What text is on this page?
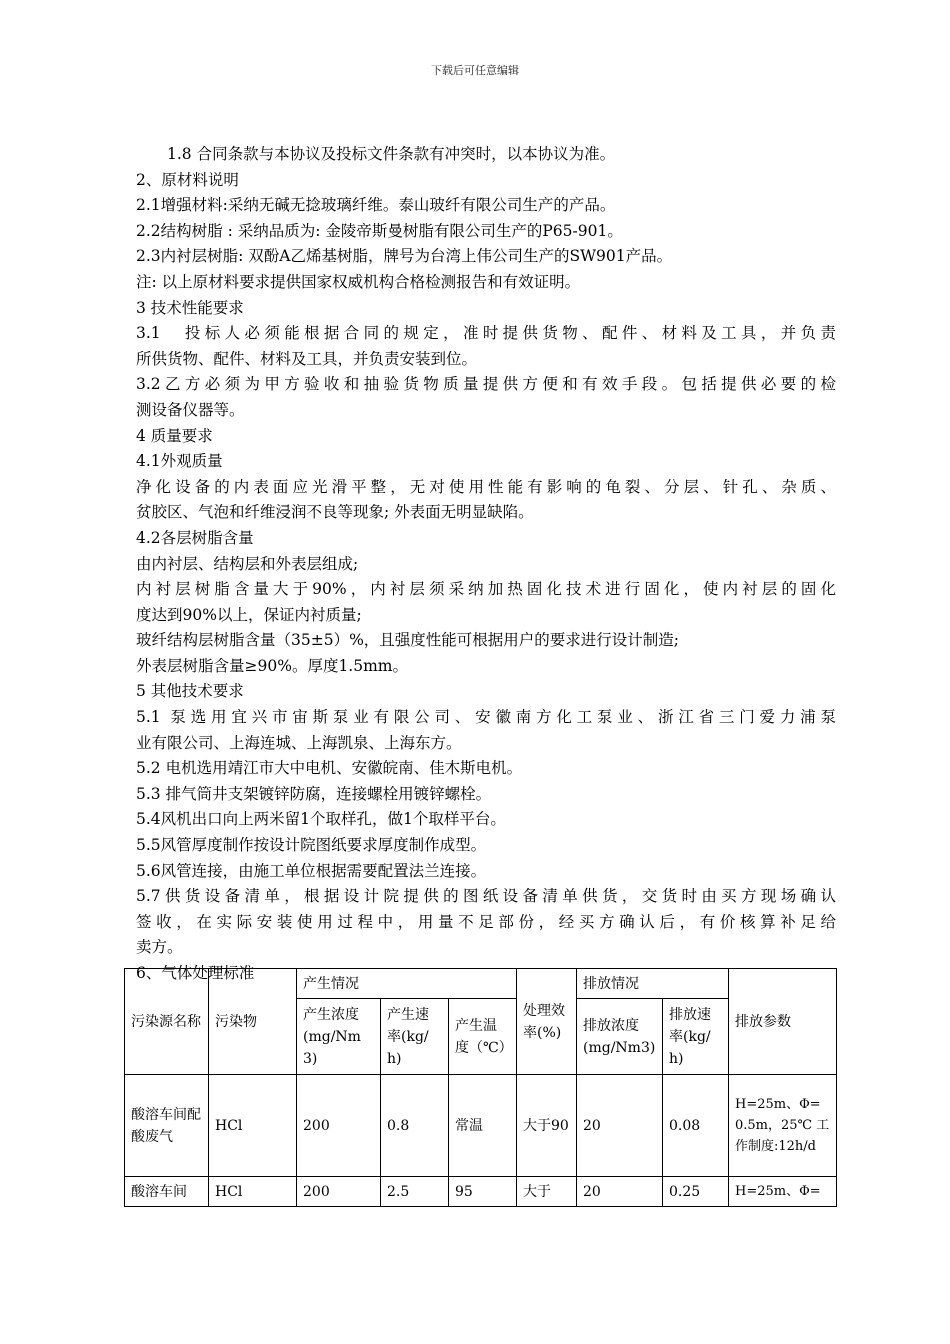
下载后可任意编辑
　　1.8 合同条款与本协议及投标文件条款有冲突时，以本协议为准。
2、原材料说明
2.1增强材料:采纳无碱无捻玻璃纤维。泰山玻纤有限公司生产的产品。
2.2结构树脂 : 采纳品质为: 金陵帝斯曼树脂有限公司生产的P65-901。
2.3内衬层树脂: 双酚A乙烯基树脂，牌号为台湾上伟公司生产的SW901产品。
注: 以上原材料要求提供国家权威机构合格检测报告和有效证明。
3 技术性能要求
3.1　投标人必须能根据合同的规定，准时提供货物、配件、材料及工具，并负责
所供货物、配件、材料及工具，并负责安装到位。
3.2乙方必须为甲方验收和抽验货物质量提供方便和有效手段。包括提供必要的检
测设备仪器等。
4 质量要求
4.1外观质量
净化设备的内表面应光滑平整，无对使用性能有影响的龟裂、分层、针孔、杂质、
贫胶区、气泡和纤维浸润不良等现象; 外表面无明显缺陷。
4.2各层树脂含量
由内衬层、结构层和外表层组成;
内衬层树脂含量大于90%，内衬层须采纳加热固化技术进行固化，使内衬层的固化
度达到90%以上，保证内衬质量;
玻纤结构层树脂含量（35±5）%，且强度性能可根据用户的要求进行设计制造;
外表层树脂含量≥90%。厚度1.5mm。
5 其他技术要求
5.1 泵选用宜兴市宙斯泵业有限公司、安徽南方化工泵业、浙江省三门爱力浦泵
业有限公司、上海连城、上海凯泉、上海东方。
5.2 电机选用靖江市大中电机、安徽皖南、佳木斯电机。
5.3 排气筒井支架镀锌防腐，连接螺栓用镀锌螺栓。
5.4风机出口向上两米留1个取样孔，做1个取样平台。
5.5风管厚度制作按设计院图纸要求厚度制作成型。
5.6风管连接，由施工单位根据需要配置法兰连接。
5.7供货设备清单，根据设计院提供的图纸设备清单供货，交货时由买方现场确认
签收，在实际安装使用过程中，用量不足部份，经买方确认后，有价核算补足给
卖方。
6、气体处理标准
污染源名称	污染物	产生情况			处理效率(%)	排放情况		排放参数
		产生浓度(mg/Nm3)	产生速率(kg/h)	产生温度（℃）		排放浓度(mg/Nm3)	排放速率(kg/h)	
酸溶车间配酸废气	HCl	200	0.8	常温	大于90	20	0.08	H=25m、Φ=0.5m，25℃ 工作制度:12h/d
酸溶车间	HCl	200	2.5	95	大于	20	0.25	H=25m、Φ=
